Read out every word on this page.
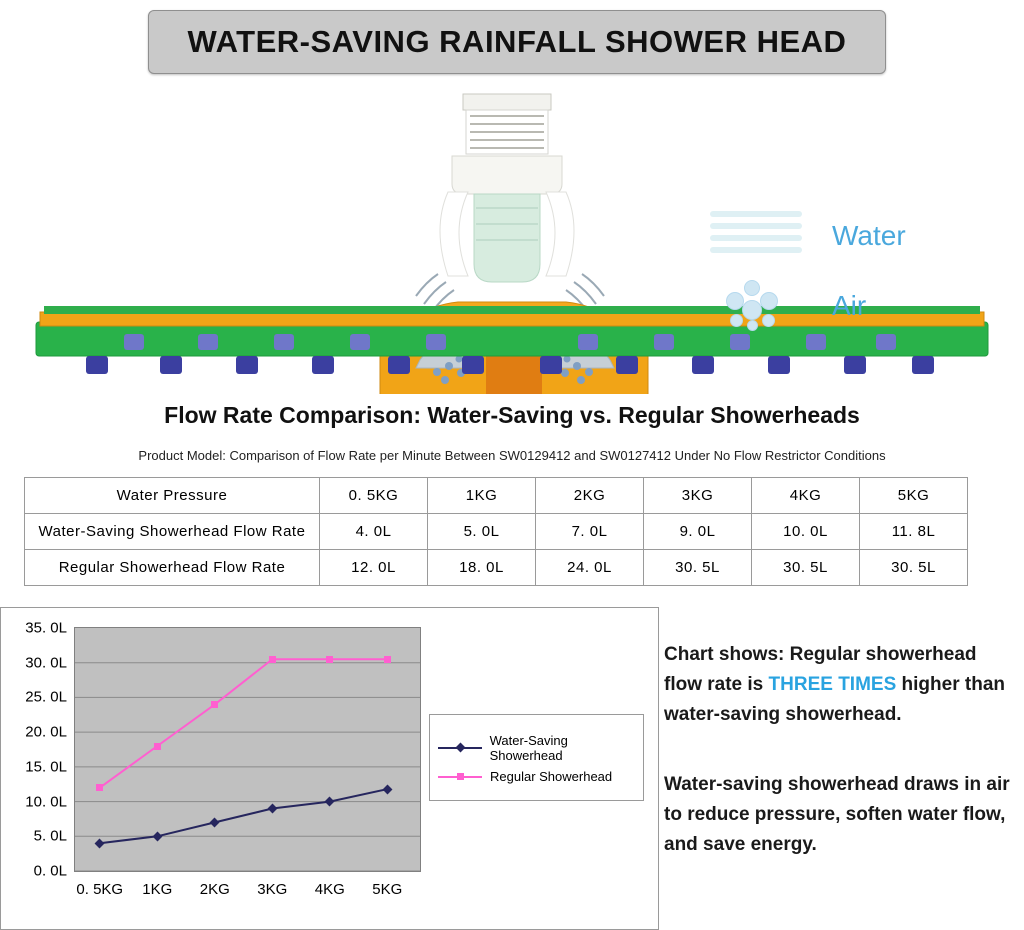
WATER-SAVING RAINFALL SHOWER HEAD
Water
Air
Flow Rate Comparison: Water-Saving vs. Regular Showerheads
Product Model: Comparison of Flow Rate per Minute Between SW0129412 and SW0127412 Under No Flow Restrictor Conditions
Water Pressure	0. 5KG	1KG	2KG	3KG	4KG	5KG
Water-Saving Showerhead Flow Rate	4. 0L	5. 0L	7. 0L	9. 0L	10. 0L	11. 8L
Regular Showerhead Flow Rate	12. 0L	18. 0L	24. 0L	30. 5L	30. 5L	30. 5L
35. 0L
30. 0L
25. 0L
20. 0L
15. 0L
10. 0L
5. 0L
0. 0L
0. 5KG 1KG 2KG 3KG 4KG 5KG
Water-Saving Showerhead
Regular Showerhead

Chart shows: Regular showerhead flow rate is THREE TIMES higher than water-saving showerhead.

Water-saving showerhead draws in air to reduce pressure, soften water flow, and save energy.
